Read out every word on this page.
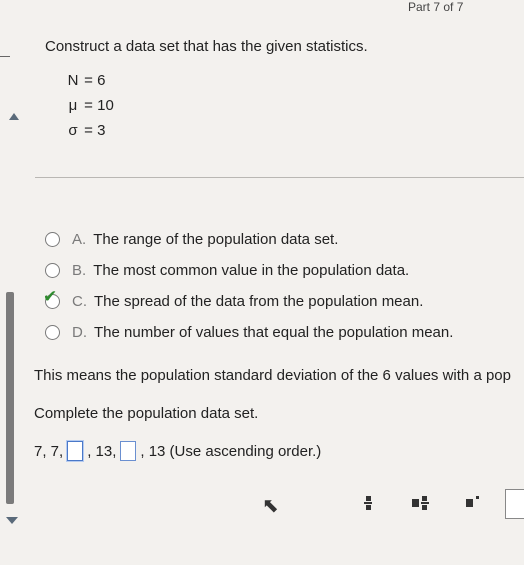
Part 7 of 7
Construct a data set that has the given statistics.
N = 6
μ = 10
σ = 3
A. The range of the population data set.
B. The most common value in the population data.
✔ C. The spread of the data from the population mean.
D. The number of values that equal the population mean.
This means the population standard deviation of the 6 values with a pop
Complete the population data set.
7, 7, , 13, , 13 (Use ascending order.)
⬉
